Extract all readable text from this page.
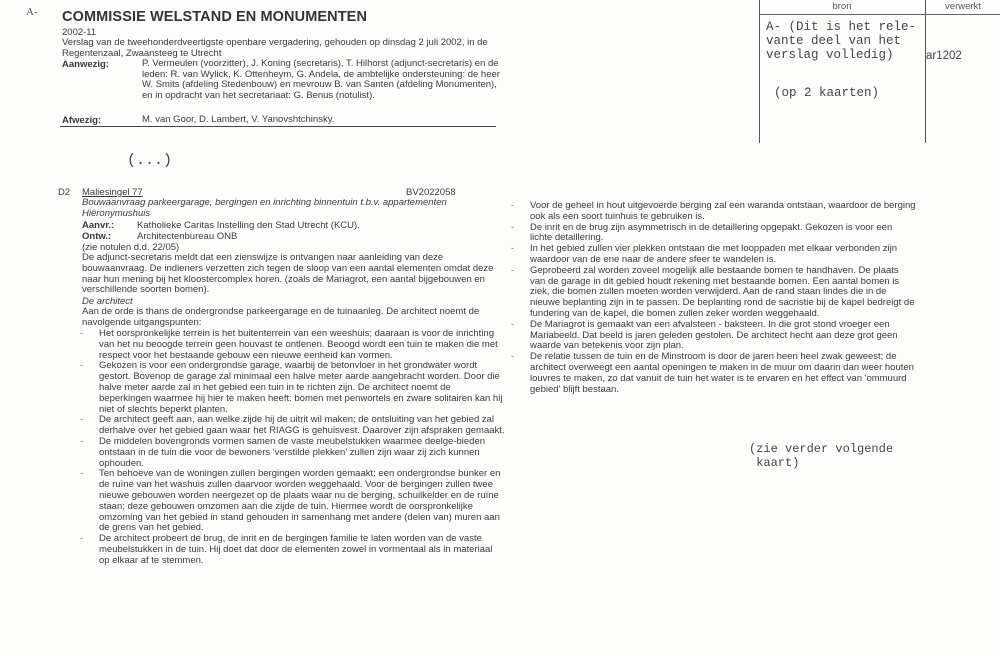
A- COMMISSIE WELSTAND EN MONUMENTEN
2002-11
Verslag van de tweehonderdveertigste openbare vergadering, gehouden op dinsdag 2 juli 2002, in de Regentenzaal, Zwaansteeg te Utrecht
Aanwezig:	P. Vermeulen (voorzitter), J. Koning (secretaris), T. Hilhorst (adjunct-secretaris) en de leden: R. van Wylick, K. Ottenheym, G. Andela, de ambtelijke ondersteuning: de heer W. Smits (afdeling Stedenbouw) en mevrouw B. van Santen (afdeling Monumenten), en in opdracht van het secretariaat: G. Benus (notulist).
Afwezig:	M. van Goor, D. Lambert, V. Yanovshtchinsky.
bron	verwerkt
A- (Dit is het rele-
vante deel van het
verslag volledig)
(op 2 kaarten)
ar1202
(...)
D2 Maliesingel 77	BV2022058
Bouwaanvraag parkeergarage, bergingen en inrichting binnentuin t.b.v. appartementen Hiëronymushuis
Aanvr.: Katholieke Caritas Instelling den Stad Utrecht (KCU).
Ontw.:	Architectenbureau ONB
(zie notulen d.d. 22/05)
De adjunct-secretaris meldt dat een zienswijze is ontvangen naar aanleiding van deze bouwaanvraag. De indieners verzetten zich tegen de sloop van een aantal elementen omdat deze naar hun mening bij het kloostercomplex horen. (zoals de Mariagrot, een aantal bijgebouwen en verschillende soorten bomen).
De architect
Aan de orde is thans de ondergrondse parkeergarage en de tuinaanleg. De architect noemt de navolgende uitgangspunten:
- Het oorspronkelijke terrein is het buitenterrein van een weeshuis; daaraan is voor de inrichting van het nu beoogde terrein geen houvast te ontlenen. Beoogd wordt een tuin te maken die met respect voor het bestaande gebouw een nieuwe eenheid kan vormen.
- Gekozen is voor een ondergrondse garage, waarbij de betonvloer in het grondwater wordt gestort. Bovenop de garage zal minimaal een halve meter aarde aangebracht worden. Door die halve meter aarde zal in het gebied een tuin in te richten zijn. De architect noemt de beperkingen waarmee hij hier te maken heeft: bomen met penwortels en zware solitairen kan hij niet of slechts beperkt planten.
- De architect geeft aan, aan welke zijde hij de uitrit wil maken; de ontsluiting van het gebied zal derhalve over het gebied gaan waar het RIAGG is gehuisvest. Daarover zijn afspraken gemaakt.
- De middelen bovengronds vormen samen de vaste meubelstukken waarmee deelge-bieden ontstaan in de tuin die voor de bewoners 'verstilde plekken' zullen zijn waar zij zich kunnen ophouden.
- Ten behoeve van de woningen zullen bergingen worden gemaakt; een ondergrondse bunker en de ruïne van het washuis zullen daarvoor worden weggehaald. Voor de bergingen zullen twee nieuwe gebouwen worden neergezet op de plaats waar nu de berging, schuilkelder en de ruïne staan; deze gebouwen omzomen aan die zijde de tuin. Hiermee wordt de oorspronkelijke omzoming van het gebied in stand gehouden in samenhang met andere (delen van) muren aan de grens van het gebied.
- De architect probeert de brug, de inrit en de bergingen familie te laten worden van de vaste meubelstukken in de tuin. Hij doet dat door de elementen zowel in vormentaal als in materiaal op elkaar af te stemmen.
- Voor de geheel in hout uitgevoerde berging zal een waranda ontstaan, waardoor de berging ook als een soort tuinhuis te gebruiken is.
- De inrit en de brug zijn asymmetrisch in de detaillering opgepakt. Gekozen is voor een lichte detaillering.
- In het gebied zullen vier plekken ontstaan die met looppaden met elkaar verbonden zijn waardoor van de ene naar de andere sfeer te wandelen is.
- Geprobeerd zal worden zoveel mogelijk alle bestaande bomen te handhaven. De plaats van de garage in dit gebied houdt rekening met bestaande bomen. Een aantal bomen is ziek, die bomen zullen moeten worden verwijderd. Aan de rand staan lindes die in de nieuwe beplanting zijn in te passen. De beplanting rond de sacristie bij de kapel bedreigt de fundering van de kapel, die bomen zullen zeker worden weggehaald.
- De Mariagrot is gemaakt van een afvalsteen - baksteen. In die grot stond vroeger een Mariabeeld. Dat beeld is jaren geleden gestolen. De architect hecht aan deze grot geen waarde van betekenis voor zijn plan.
- De relatie tussen de tuin en de Minstroom is door de jaren heen heel zwak geweest; de architect overweegt een aantal openingen te maken in de muur om daarin dan weer houten louvres te maken, zo dat vanuit de tuin het water is te ervaren en het effect van 'ommuurd gebied' blijft bestaan.
(zie verder volgende
kaart)
